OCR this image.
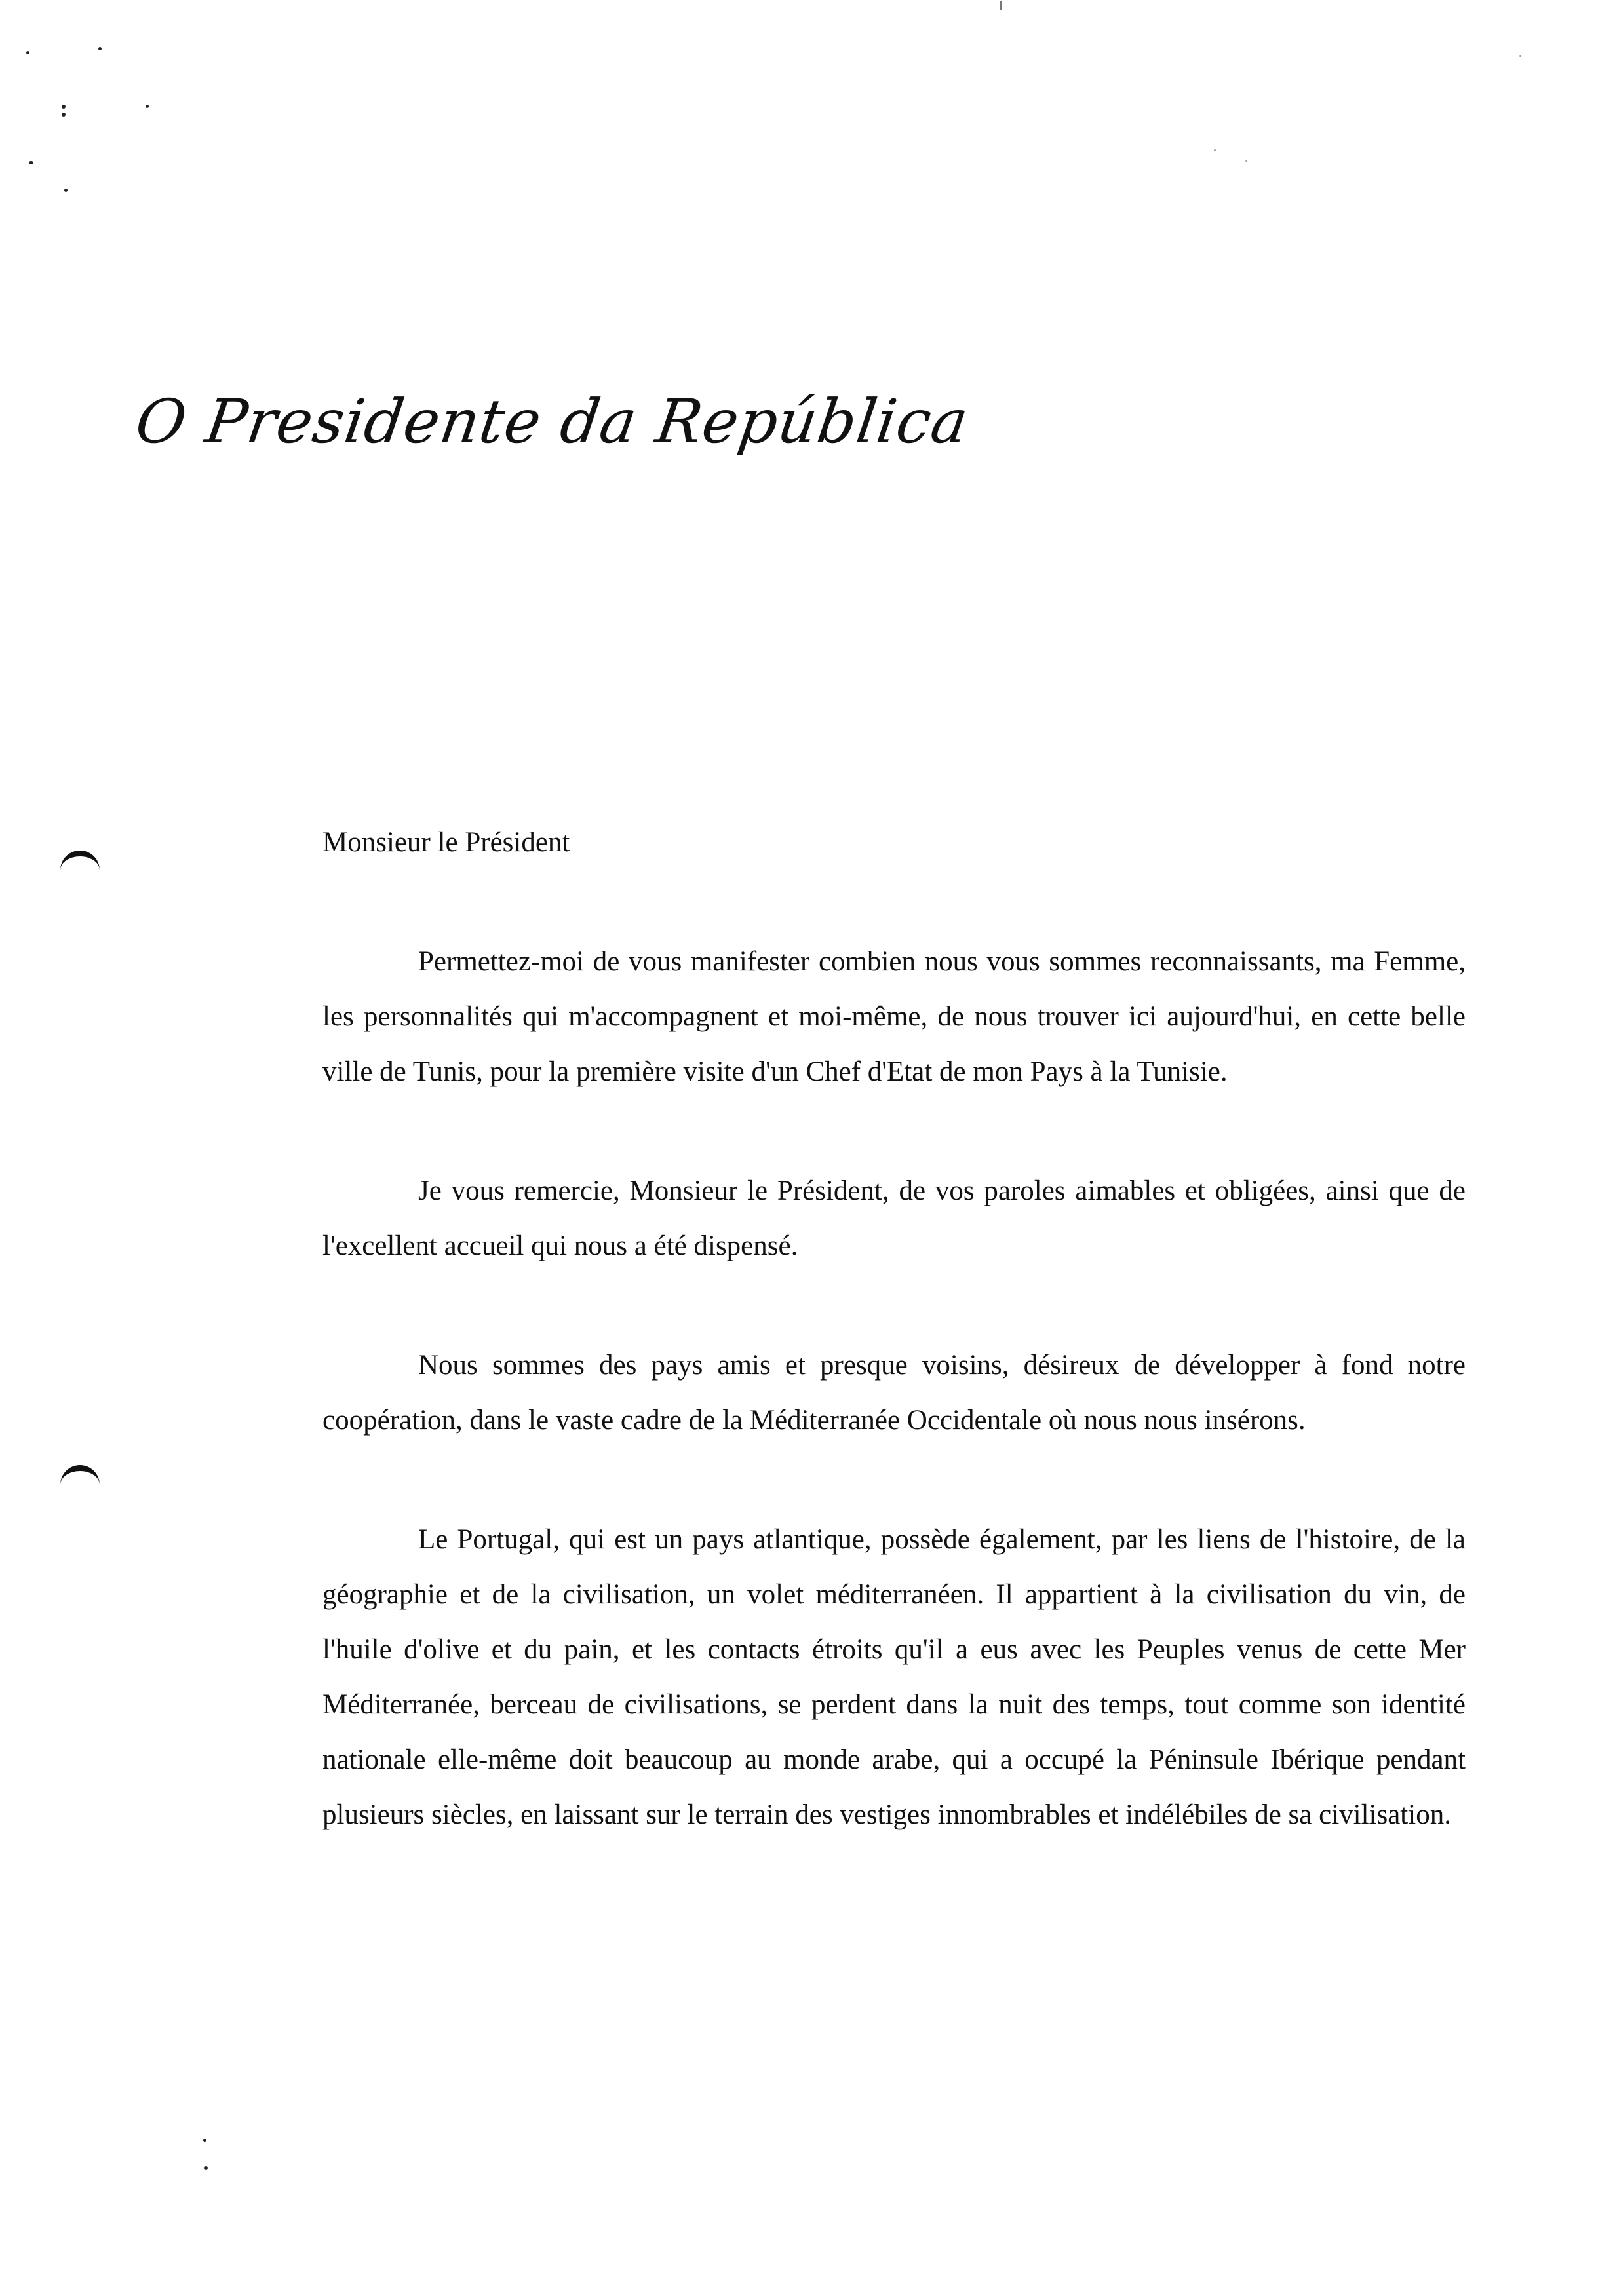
O Presidente da República

Monsieur le Président

Permettez-moi de vous manifester combien nous vous sommes reconnaissants, ma Femme, les personnalités qui m'accompagnent et moi-même, de nous trouver ici aujourd'hui, en cette belle ville de Tunis, pour la première visite d'un Chef d'Etat de mon Pays à la Tunisie.

Je vous remercie, Monsieur le Président, de vos paroles aimables et obligées, ainsi que de l'excellent accueil qui nous a été dispensé.

Nous sommes des pays amis et presque voisins, désireux de développer à fond notre coopération, dans le vaste cadre de la Méditerranée Occidentale où nous nous insérons.

Le Portugal, qui est un pays atlantique, possède également, par les liens de l'histoire, de la géographie et de la civilisation, un volet méditerranéen. Il appartient à la civilisation du vin, de l'huile d'olive et du pain, et les contacts étroits qu'il a eus avec les Peuples venus de cette Mer Méditerranée, berceau de civilisations, se perdent dans la nuit des temps, tout comme son identité nationale elle-même doit beaucoup au monde arabe, qui a occupé la Péninsule Ibérique pendant plusieurs siècles, en laissant sur le terrain des vestiges innombrables et indélébiles de sa civilisation.
